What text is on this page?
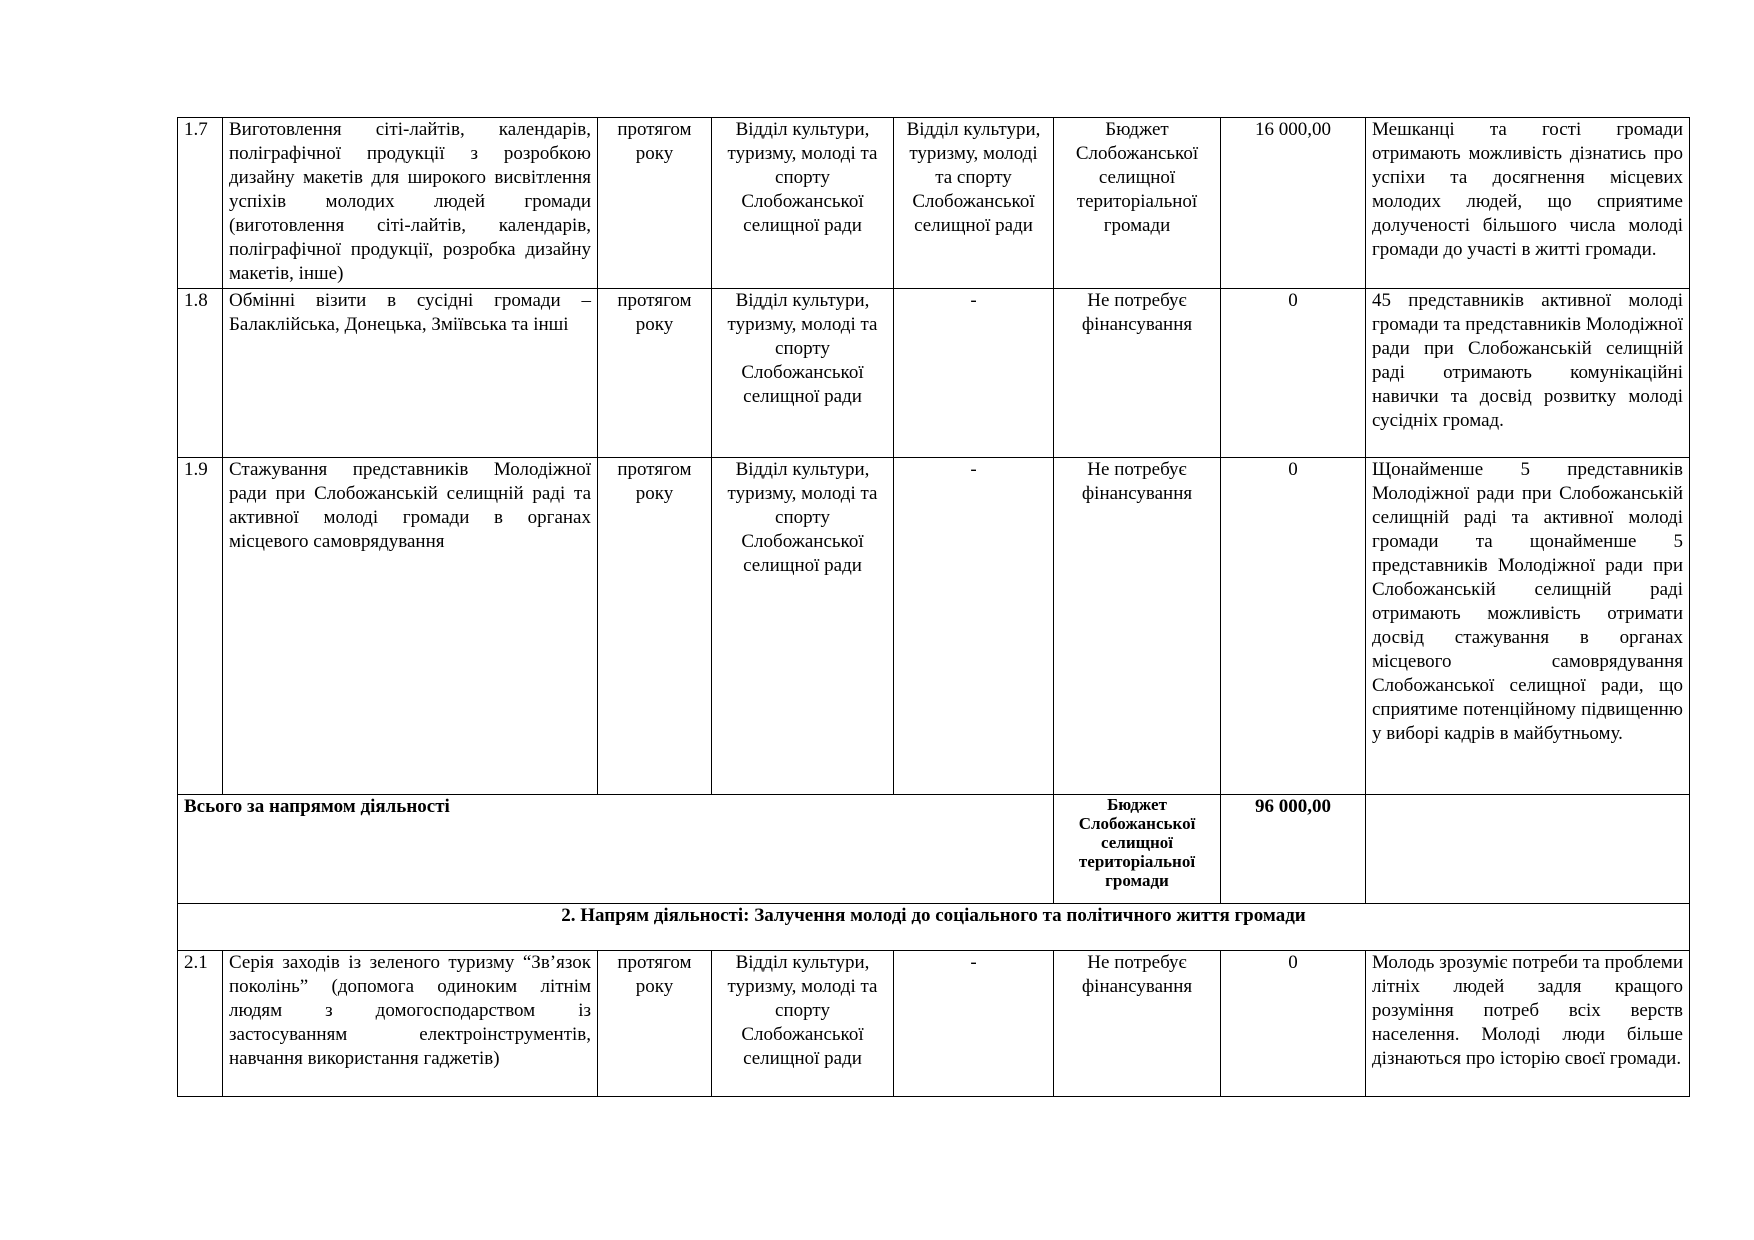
1.7	Виготовлення сіті-лайтів, календарів, поліграфічної продукції з розробкою дизайну макетів для широкого висвітлення успіхів молодих людей громади (виготовлення сіті-лайтів, календарів, поліграфічної продукції, розробка дизайну макетів, інше)	протягом року	Відділ культури, туризму, молоді та спорту Слобожанської селищної ради	Відділ культури, туризму, молоді та спорту Слобожанської селищної ради	Бюджет Слобожанської селищної територіальної громади	16 000,00	Мешканці та гості громади отримають можливість дізнатись про успіхи та досягнення місцевих молодих людей, що сприятиме долученості більшого числа молоді громади до участі в житті громади.
1.8	Обмінні візити в сусідні громади – Балаклійська, Донецька, Зміївська та інші	протягом року	Відділ культури, туризму, молоді та спорту Слобожанської селищної ради	-	Не потребує фінансування	0	45 представників активної молоді громади та представників Молодіжної ради при Слобожанській селищній раді отримають комунікаційні навички та досвід розвитку молоді сусідніх громад.
1.9	Стажування представників Молодіжної ради при Слобожанській селищній раді та активної молоді громади в органах місцевого самоврядування	протягом року	Відділ культури, туризму, молоді та спорту Слобожанської селищної ради	-	Не потребує фінансування	0	Щонайменше 5 представників Молодіжної ради при Слобожанській селищній раді та активної молоді громади та щонайменше 5 представників Молодіжної ради при Слобожанській селищній раді отримають можливість отримати досвід стажування в органах місцевого самоврядування Слобожанської селищної ради, що сприятиме потенційному підвищенню у виборі кадрів в майбутньому.
Всього за напрямом діяльності					Бюджет Слобожанської селищної територіальної громади	96 000,00	
2. Напрям діяльності: Залучення молоді до соціального та політичного життя громади							
2.1	Серія заходів із зеленого туризму “Зв’язок поколінь” (допомога одиноким літнім людям з домогосподарством із застосуванням електроінструментів, навчання використання гаджетів)	протягом року	Відділ культури, туризму, молоді та спорту Слобожанської селищної ради	-	Не потребує фінансування	0	Молодь зрозуміє потреби та проблеми літніх людей задля кращого розуміння потреб всіх верств населення. Молоді люди більше дізнаються про історію своєї громади.
